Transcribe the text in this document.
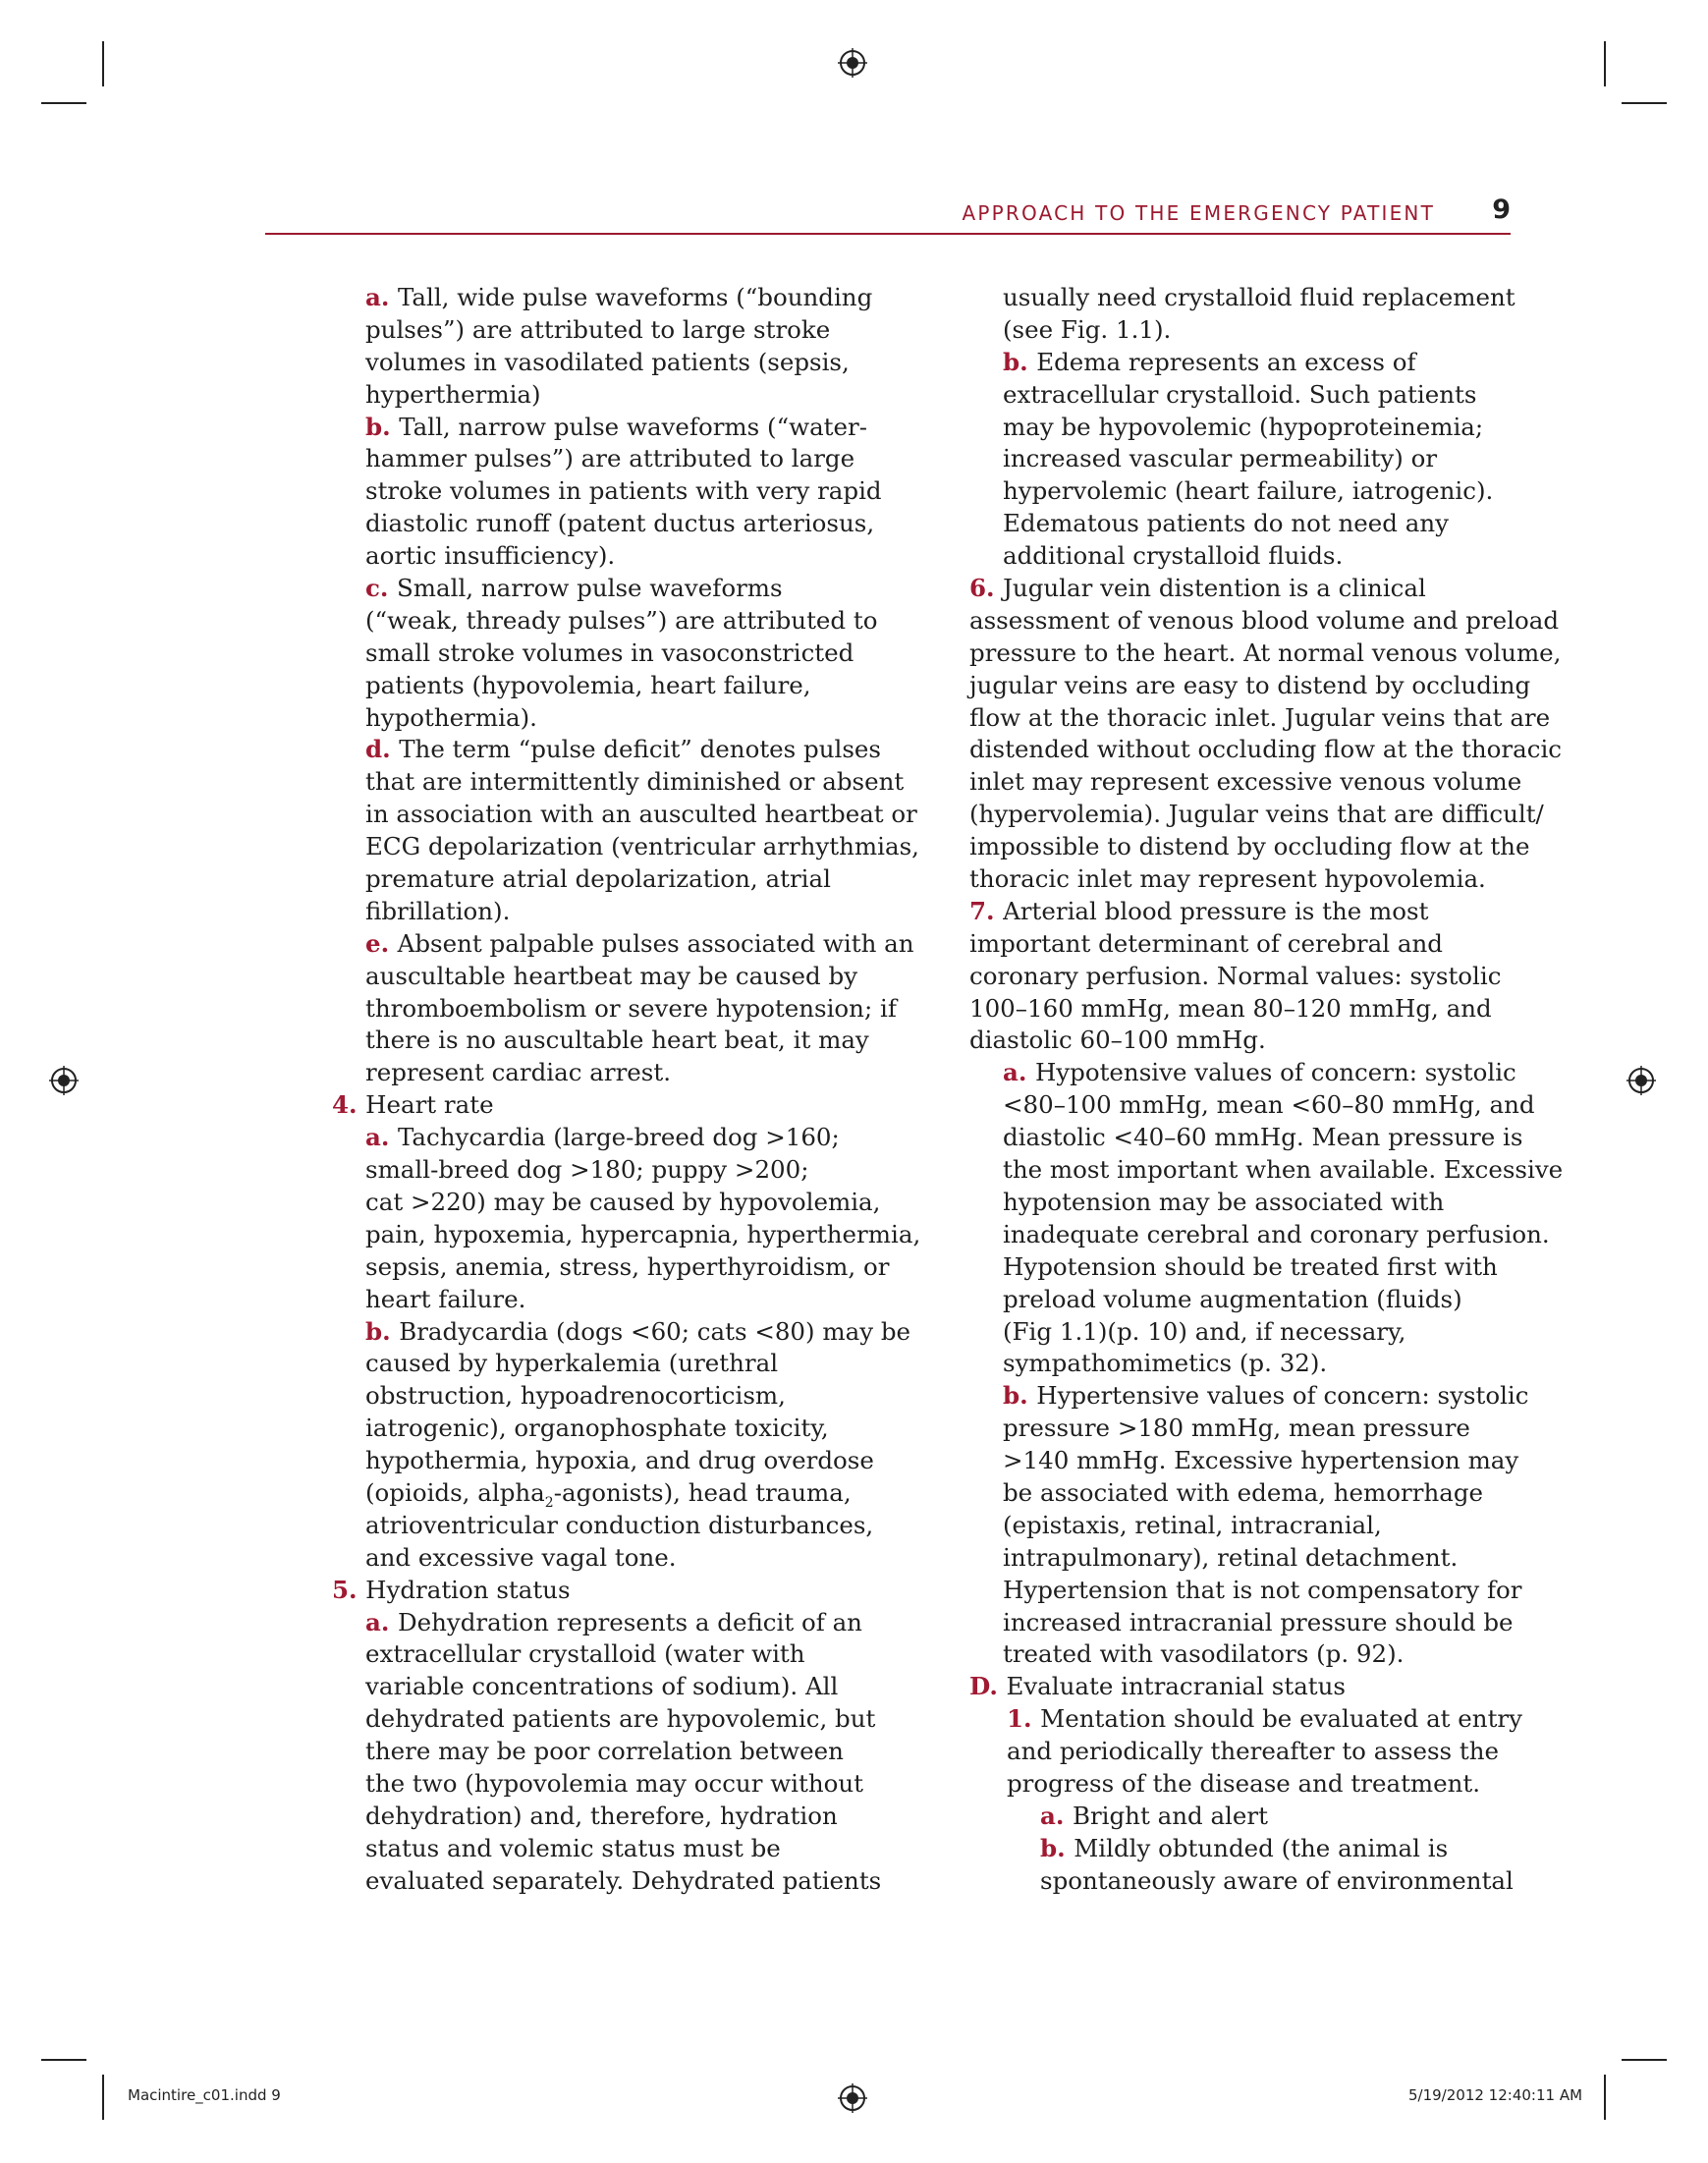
APPROACH TO THE EMERGENCY PATIENT 9
a. Tall, wide pulse waveforms (“bounding
pulses”) are attributed to large stroke
volumes in vasodilated patients (sepsis,
hyperthermia)
b. Tall, narrow pulse waveforms (“water-
hammer pulses”) are attributed to large
stroke volumes in patients with very rapid
diastolic runoff (patent ductus arteriosus,
aortic insufficiency).
c. Small, narrow pulse waveforms
(“weak, thready pulses”) are attributed to
small stroke volumes in vasoconstricted
patients (hypovolemia, heart failure,
hypothermia).
d. The term “pulse deficit” denotes pulses
that are intermittently diminished or absent
in association with an ausculted heartbeat or
ECG depolarization (ventricular arrhythmias,
premature atrial depolarization, atrial
fibrillation).
e. Absent palpable pulses associated with an
auscultable heartbeat may be caused by
thromboembolism or severe hypotension; if
there is no auscultable heart beat, it may
represent cardiac arrest.
4. Heart rate
a. Tachycardia (large-breed dog >160;
small-breed dog >180; puppy >200;
cat >220) may be caused by hypovolemia,
pain, hypoxemia, hypercapnia, hyperthermia,
sepsis, anemia, stress, hyperthyroidism, or
heart failure.
b. Bradycardia (dogs <60; cats <80) may be
caused by hyperkalemia (urethral
obstruction, hypoadrenocorticism,
iatrogenic), organophosphate toxicity,
hypothermia, hypoxia, and drug overdose
(opioids, alpha$_2$-agonists), head trauma,
atrioventricular conduction disturbances,
and excessive vagal tone.
5. Hydration status
a. Dehydration represents a deficit of an
extracellular crystalloid (water with
variable concentrations of sodium). All
dehydrated patients are hypovolemic, but
there may be poor correlation between
the two (hypovolemia may occur without
dehydration) and, therefore, hydration
status and volemic status must be
evaluated separately. Dehydrated patients
usually need crystalloid fluid replacement
(see Fig. 1.1).
b. Edema represents an excess of
extracellular crystalloid. Such patients
may be hypovolemic (hypoproteinemia;
increased vascular permeability) or
hypervolemic (heart failure, iatrogenic).
Edematous patients do not need any
additional crystalloid fluids.
6. Jugular vein distention is a clinical
assessment of venous blood volume and preload
pressure to the heart. At normal venous volume,
jugular veins are easy to distend by occluding
flow at the thoracic inlet. Jugular veins that are
distended without occluding flow at the thoracic
inlet may represent excessive venous volume
(hypervolemia). Jugular veins that are difficult/
impossible to distend by occluding flow at the
thoracic inlet may represent hypovolemia.
7. Arterial blood pressure is the most
important determinant of cerebral and
coronary perfusion. Normal values: systolic
100–160 mmHg, mean 80–120 mmHg, and
diastolic 60–100 mmHg.
a. Hypotensive values of concern: systolic
<80–100 mmHg, mean <60–80 mmHg, and
diastolic <40–60 mmHg. Mean pressure is
the most important when available. Excessive
hypotension may be associated with
inadequate cerebral and coronary perfusion.
Hypotension should be treated first with
preload volume augmentation (fluids)
(Fig 1.1)(p. 10) and, if necessary,
sympathomimetics (p. 32).
b. Hypertensive values of concern: systolic
pressure >180 mmHg, mean pressure
>140 mmHg. Excessive hypertension may
be associated with edema, hemorrhage
(epistaxis, retinal, intracranial,
intrapulmonary), retinal detachment.
Hypertension that is not compensatory for
increased intracranial pressure should be
treated with vasodilators (p. 92).
D. Evaluate intracranial status
1. Mentation should be evaluated at entry
and periodically thereafter to assess the
progress of the disease and treatment.
a. Bright and alert
b. Mildly obtunded (the animal is
spontaneously aware of environmental
Macintire_c01.indd 9	5/19/2012 12:40:11 AM
